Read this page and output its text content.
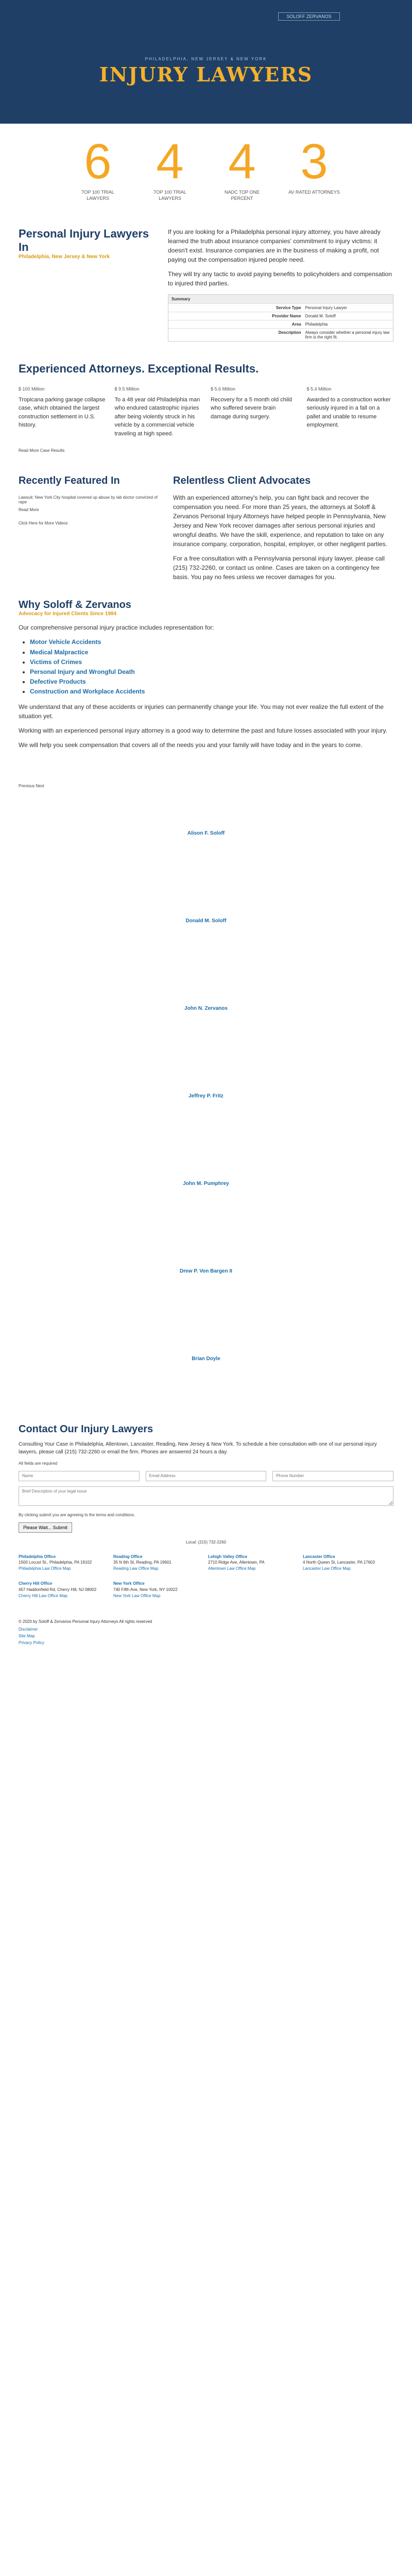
SOLOFF ZERVANOS
PHILADELPHIA, NEW JERSEY & NEW YORK
INJURY LAWYERS
6
TOP 100 TRIAL LAWYERS
4
TOP 100 TRIAL LAWYERS
4
NADC TOP ONE PERCENT
3
AV RATED ATTORNEYS
Personal Injury Lawyers In
Philadelphia, New Jersey & New York

If you are looking for a Philadelphia personal injury attorney, you have already learned the truth about insurance companies' commitment to injury victims: it doesn't exist. Insurance companies are in the business of making a profit, not paying out the compensation injured people need.

They will try any tactic to avoid paying benefits to policyholders and compensation to injured third parties.

Summary
Service Type	Personal Injury Lawyer
Provider Name	Donald M. Soloff
Area	Philadelphia
Description	Always consider whether a personal injury law firm is the right fit.
Experienced Attorneys. Exceptional Results.
$ 100 Million
Tropicana parking garage collapse case, which obtained the largest construction settlement in U.S. history.
$ 9.5 Million
To a 48 year old Philadelphia man who endured catastrophic injuries after being violently struck in his vehicle by a commercial vehicle traveling at high speed.
$ 5.6 Million
Recovery for a 5 month old child who suffered severe brain damage during surgery.
$ 5.4 Million
Awarded to a construction worker seriously injured in a fall on a pallet and unable to resume employment.
Read More Case Results
Recently Featured In
Lawsuit: New York City hospital covered up abuse by lab doctor convicted of rape
Read More
Click Here for More Videos
Relentless Client Advocates

With an experienced attorney's help, you can fight back and recover the compensation you need. For more than 25 years, the attorneys at Soloff & Zervanos Personal Injury Attorneys have helped people in Pennsylvania, New Jersey and New York recover damages after serious personal injuries and wrongful deaths. We have the skill, experience, and reputation to take on any insurance company, corporation, hospital, employer, or other negligent parties.

For a free consultation with a Pennsylvania personal injury lawyer, please call (215) 732-2260, or contact us online. Cases are taken on a contingency fee basis. You pay no fees unless we recover damages for you.

Why Soloff & Zervanos
Advocacy for Injured Clients Since 1984

Our comprehensive personal injury practice includes representation for:

• Motor Vehicle Accidents
• Medical Malpractice
• Victims of Crimes
• Personal Injury and Wrongful Death
• Defective Products
• Construction and Workplace Accidents

We understand that any of these accidents or injuries can permanently change your life. You may not ever realize the full extent of the situation yet.

Working with an experienced personal injury attorney is a good way to determine the past and future losses associated with your injury.

We will help you seek compensation that covers all of the needs you and your family will have today and in the years to come.

Previous Next
Alison F. Soloff
Donald M. Soloff
John N. Zervanos
Jeffrey P. Fritz
John M. Pumphrey
Drew P. Von Bargen II
Brian Doyle
Contact Our Injury Lawyers

Consulting Your Case in Philadelphia, Allentown, Lancaster, Reading, New Jersey & New York. To schedule a free consultation with one of our personal injury lawyers, please call (215) 732-2260 or email the firm. Phones are answered 24 hours a day.

All fields are required
Name
Email Address
Phone Number
Brief Description of your legal issue
By clicking submit you are agreeing to the terms and conditions.
Please Wait... Submit
Local: (215) 732-2260
Philadelphia Office
1500 Locust St., Philadelphia, PA 19102
Philadelphia Law Office Map
Reading Office
35 N 6th St, Reading, PA 19601
Reading Law Office Map
Lehigh Valley Office
2710 Ridge Ave, Allentown, PA
Allentown Law Office Map
Lancaster Office
4 North Queen St, Lancaster, PA 17603
Lancaster Law Office Map
Cherry Hill Office
457 Haddonfield Rd, Cherry Hill, NJ 08002
Cherry Hill Law Office Map
New York Office
740 Fifth Ave, New York, NY 10022
New York Law Office Map
© 2020 by Soloff & Zervanos Personal Injury Attorneys All rights reserved
Disclaimer
Site Map
Privacy Policy
